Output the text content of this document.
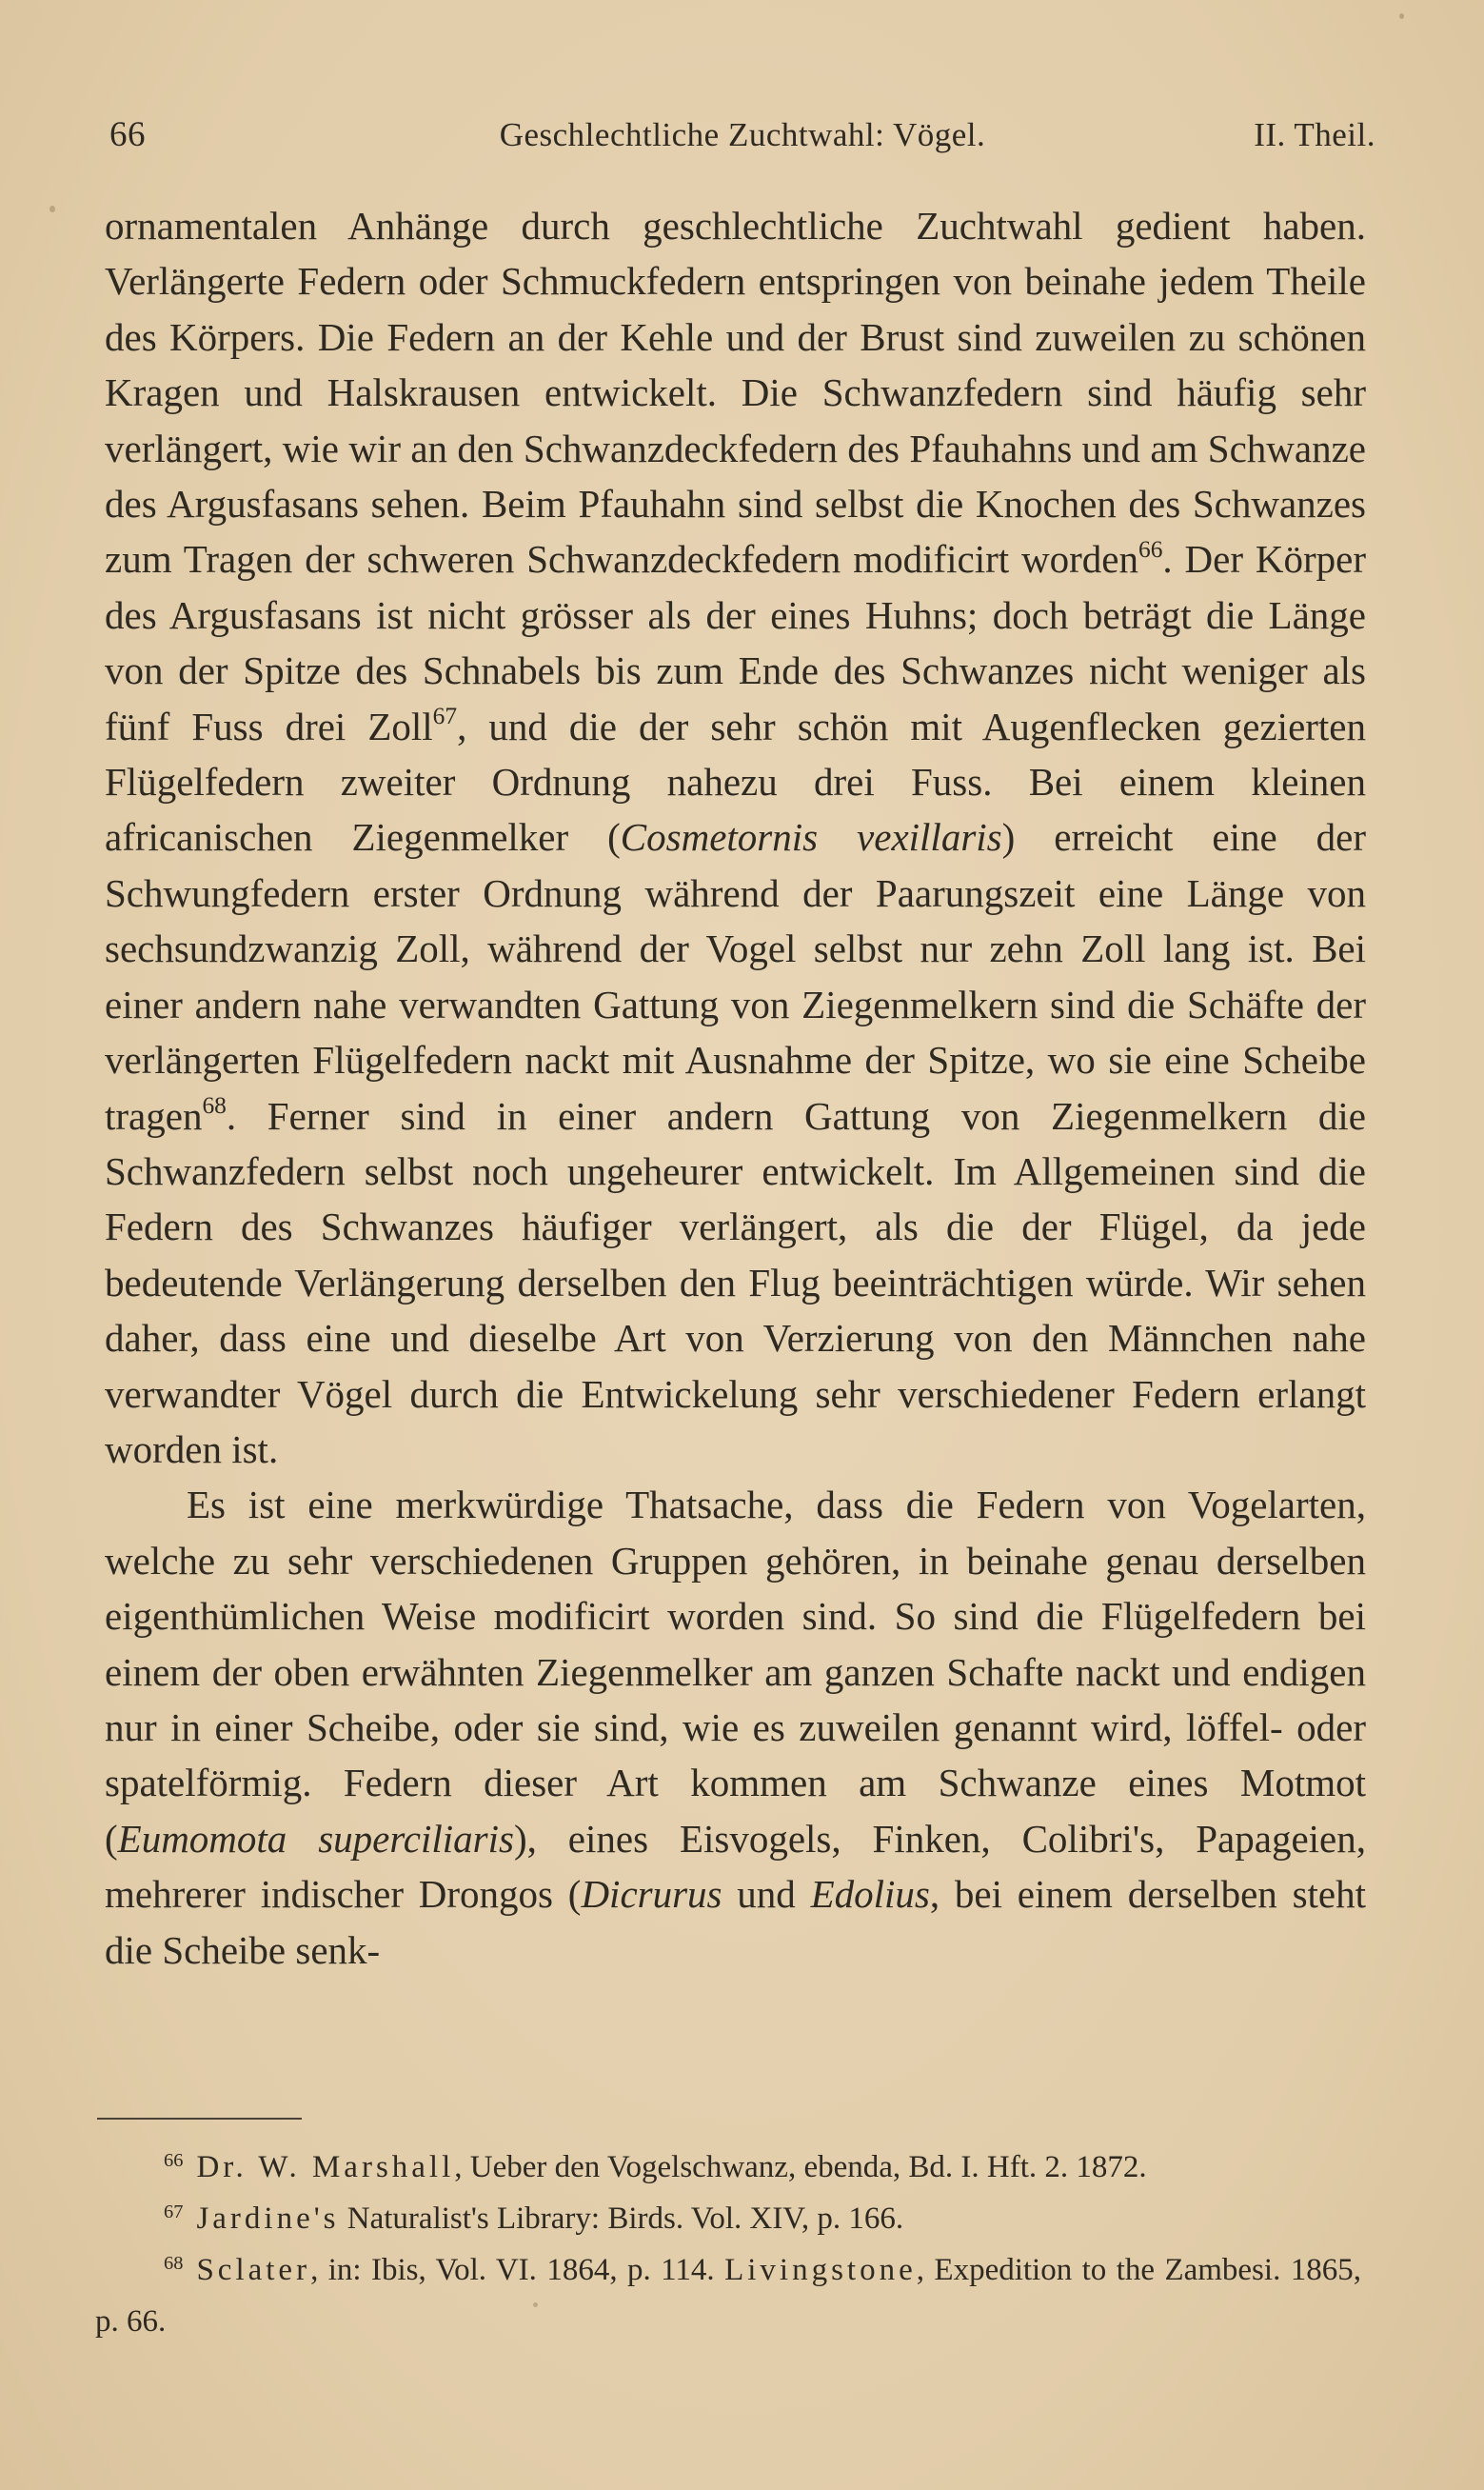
66	Geschlechtliche Zuchtwahl: Vögel.	II. Theil.

ornamentalen Anhänge durch geschlechtliche Zuchtwahl gedient haben. Verlängerte Federn oder Schmuckfedern entspringen von beinahe jedem Theile des Körpers. Die Federn an der Kehle und der Brust sind zuweilen zu schönen Kragen und Halskrausen entwickelt. Die Schwanzfedern sind häufig sehr verlängert, wie wir an den Schwanzdeckfedern des Pfauhahns und am Schwanze des Argusfasans sehen. Beim Pfauhahn sind selbst die Knochen des Schwanzes zum Tragen der schweren Schwanzdeckfedern modificirt worden$^{66}$. Der Körper des Argusfasans ist nicht grösser als der eines Huhns; doch beträgt die Länge von der Spitze des Schnabels bis zum Ende des Schwanzes nicht weniger als fünf Fuss drei Zoll$^{67}$, und die der sehr schön mit Augenflecken gezierten Flügelfedern zweiter Ordnung nahezu drei Fuss. Bei einem kleinen africanischen Ziegenmelker (Cosmetornis vexillaris) erreicht eine der Schwungfedern erster Ordnung während der Paarungszeit eine Länge von sechsundzwanzig Zoll, während der Vogel selbst nur zehn Zoll lang ist. Bei einer andern nahe verwandten Gattung von Ziegenmelkern sind die Schäfte der verlängerten Flügelfedern nackt mit Ausnahme der Spitze, wo sie eine Scheibe tragen$^{68}$. Ferner sind in einer andern Gattung von Ziegenmelkern die Schwanzfedern selbst noch ungeheurer entwickelt. Im Allgemeinen sind die Federn des Schwanzes häufiger verlängert, als die der Flügel, da jede bedeutende Verlängerung derselben den Flug beeinträchtigen würde. Wir sehen daher, dass eine und dieselbe Art von Verzierung von den Männchen nahe verwandter Vögel durch die Entwickelung sehr verschiedener Federn erlangt worden ist.

Es ist eine merkwürdige Thatsache, dass die Federn von Vogelarten, welche zu sehr verschiedenen Gruppen gehören, in beinahe genau derselben eigenthümlichen Weise modificirt worden sind. So sind die Flügelfedern bei einem der oben erwähnten Ziegenmelker am ganzen Schafte nackt und endigen nur in einer Scheibe, oder sie sind, wie es zuweilen genannt wird, löffel- oder spatelförmig. Federn dieser Art kommen am Schwanze eines Motmot (Eumomota superciliaris), eines Eisvogels, Finken, Colibri's, Papageien, mehrerer indischer Drongos (Dicrurus und Edolius, bei einem derselben steht die Scheibe senk-

$^{66}$ Dr. W. Marshall, Ueber den Vogelschwanz, ebenda, Bd. I. Hft. 2. 1872.
$^{67}$ Jardine's Naturalist's Library: Birds. Vol. XIV, p. 166.
$^{68}$ Sclater, in: Ibis, Vol. VI. 1864, p. 114. Livingstone, Expedition to the Zambesi. 1865, p. 66.
